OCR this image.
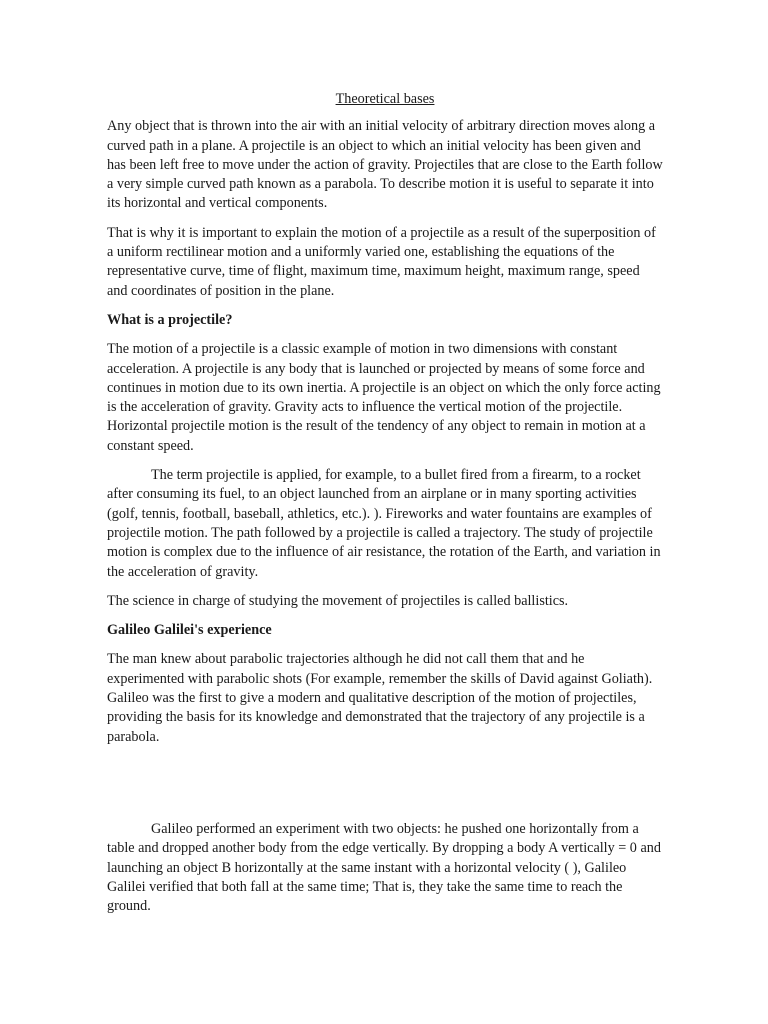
Theoretical bases

Any object that is thrown into the air with an initial velocity of arbitrary direction moves along a curved path in a plane. A projectile is an object to which an initial velocity has been given and has been left free to move under the action of gravity. Projectiles that are close to the Earth follow a very simple curved path known as a parabola. To describe motion it is useful to separate it into its horizontal and vertical components.

That is why it is important to explain the motion of a projectile as a result of the superposition of a uniform rectilinear motion and a uniformly varied one, establishing the equations of the representative curve, time of flight, maximum time, maximum height, maximum range, speed and coordinates of position in the plane.

What is a projectile?

The motion of a projectile is a classic example of motion in two dimensions with constant acceleration. A projectile is any body that is launched or projected by means of some force and continues in motion due to its own inertia. A projectile is an object on which the only force acting is the acceleration of gravity. Gravity acts to influence the vertical motion of the projectile. Horizontal projectile motion is the result of the tendency of any object to remain in motion at a constant speed.

The term projectile is applied, for example, to a bullet fired from a firearm, to a rocket after consuming its fuel, to an object launched from an airplane or in many sporting activities (golf, tennis, football, baseball, athletics, etc.). ). Fireworks and water fountains are examples of projectile motion. The path followed by a projectile is called a trajectory. The study of projectile motion is complex due to the influence of air resistance, the rotation of the Earth, and variation in the acceleration of gravity.

The science in charge of studying the movement of projectiles is called ballistics.

Galileo Galilei's experience

The man knew about parabolic trajectories although he did not call them that and he experimented with parabolic shots (For example, remember the skills of David against Goliath). Galileo was the first to give a modern and qualitative description of the motion of projectiles, providing the basis for its knowledge and demonstrated that the trajectory of any projectile is a parabola.

Galileo performed an experiment with two objects: he pushed one horizontally from a table and dropped another body from the edge vertically. By dropping a body A vertically = 0 and launching an object B horizontally at the same instant with a horizontal velocity ( ), Galileo Galilei verified that both fall at the same time; That is, they take the same time to reach the ground.
